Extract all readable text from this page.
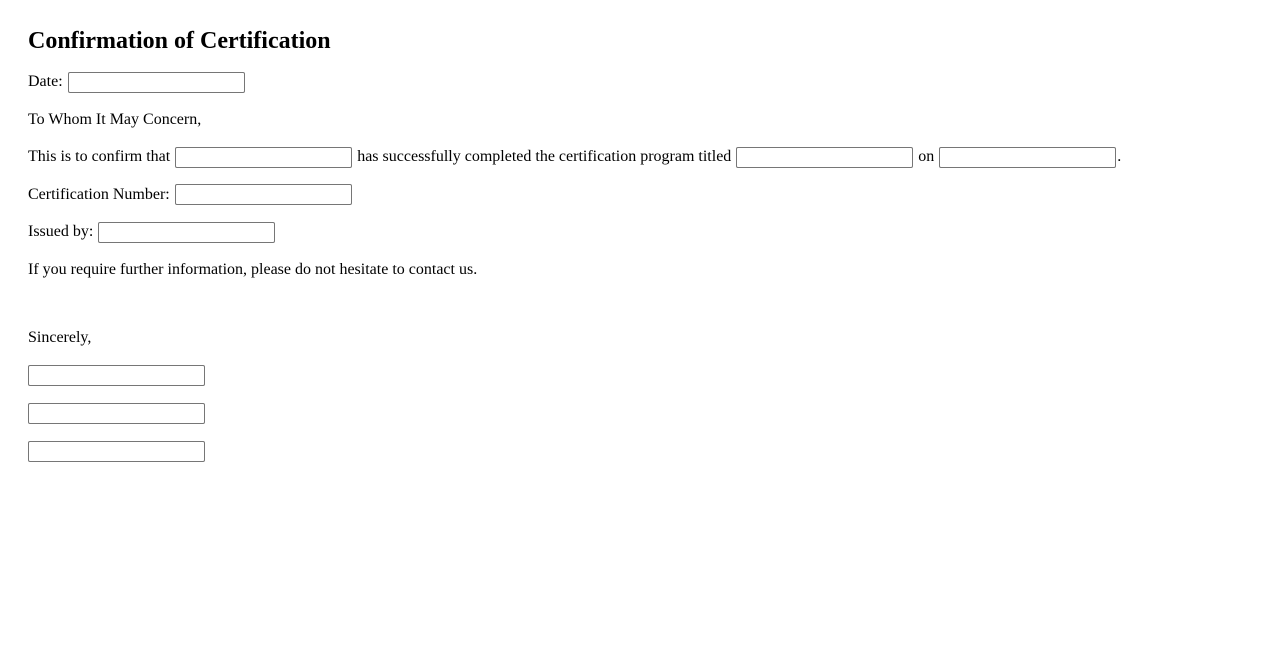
Confirmation of Certification
Date:
To Whom It May Concern,
This is to confirm that	has successfully completed the certification program titled	on	.
Certification Number:
Issued by:
If you require further information, please do not hesitate to contact us.
Sincerely,
